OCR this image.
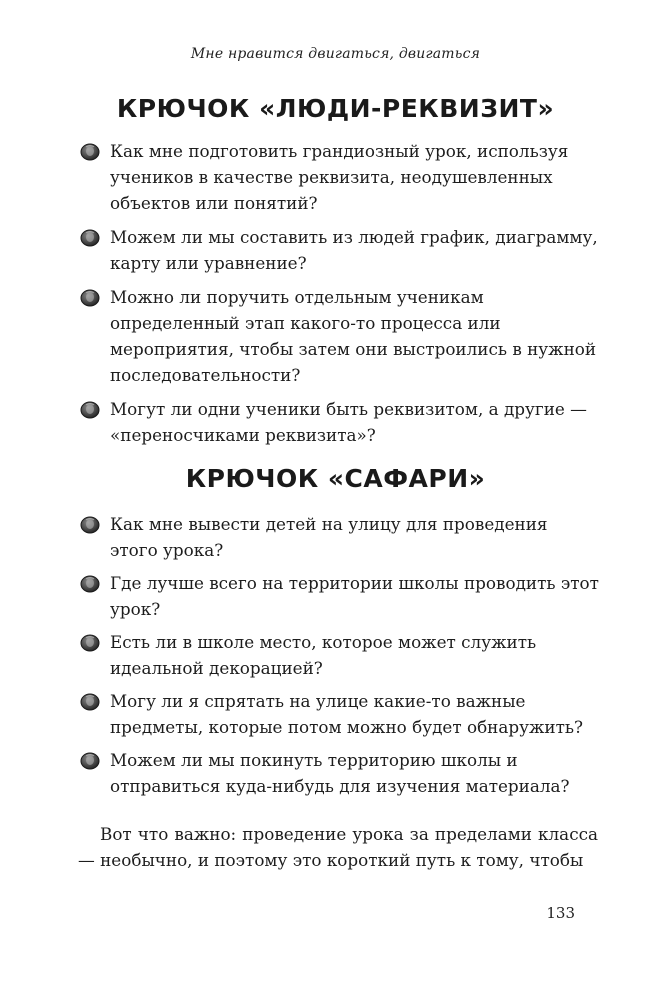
Мне нравится двигаться, двигаться
КРЮЧОК «ЛЮДИ-РЕКВИЗИТ»
Как мне подготовить грандиозный урок, используя учеников в качестве реквизита, неодушевленных объектов или понятий?
Можем ли мы составить из людей график, диаграмму, карту или уравнение?
Можно ли поручить отдельным ученикам определенный этап какого-то процесса или мероприятия, чтобы затем они выстроились в нужной последовательности?
Могут ли одни ученики быть реквизитом, а другие — «переносчиками реквизита»?
КРЮЧОК «САФАРИ»
Как мне вывести детей на улицу для проведения этого урока?
Где лучше всего на территории школы проводить этот урок?
Есть ли в школе место, которое может служить идеальной декорацией?
Могу ли я спрятать на улице какие-то важные предметы, которые потом можно будет обнаружить?
Можем ли мы покинуть территорию школы и отправиться куда-нибудь для изучения материала?

Вот что важно: проведение урока за пределами класса — необычно, и поэтому это короткий путь к тому, чтобы

133
